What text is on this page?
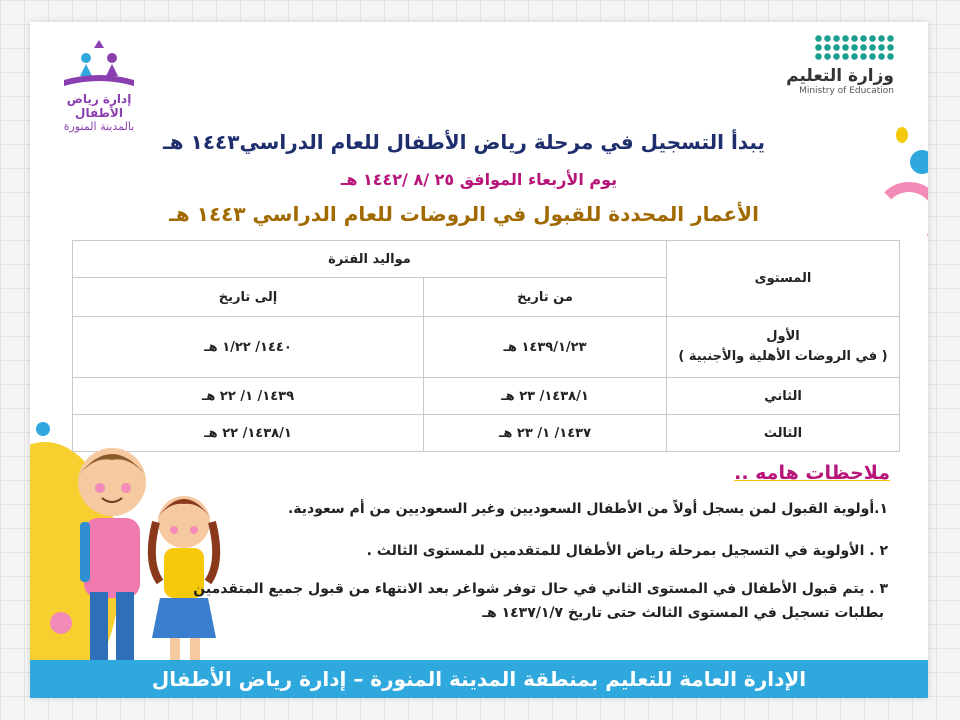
وزارة التعليم
Ministry of Education
إدارة رياض الأطفال
بالمدينة المنورة
يبدأ التسجيل في مرحلة رياض الأطفال للعام الدراسي١٤٤٣ هـ
يوم الأربعاء الموافق ٢٥ /٨ /١٤٤٢ هـ
الأعمار المحددة للقبول في الروضات للعام الدراسي ١٤٤٣ هـ
المستوى	مواليد الفترة	
	من تاريخ	إلى تاريخ

الأول
( في الروضات الأهلية والأجنبية )	١٤٣٩/١/٢٣ هـ	١٤٤٠/ ١/٢٢ هـ

الثاني	١٤٣٨/١/ ٢٣ هـ	١٤٣٩/ ١/ ٢٢ هـ

الثالث	١٤٣٧/ ١/ ٢٣ هـ	١٤٣٨/١/ ٢٢ هـ
ملاحظات هامه ..
١.أولوية القبول لمن يسجل أولاً من الأطفال السعوديين وغير السعوديين من أم سعودية.
٢ . الأولوية في التسجيل بمرحلة رياض الأطفال للمتقدمين للمستوى الثالث .
٣ . يتم قبول الأطفال في المستوى الثاني في حال توفر شواغر بعد الانتهاء من قبول جميع المتقدمين
بطلبات تسجيل في المستوى الثالث حتى تاريخ ١٤٣٧/١/٧ هـ
الإدارة العامة للتعليم بمنطقة المدينة المنورة – إدارة رياض الأطفال
